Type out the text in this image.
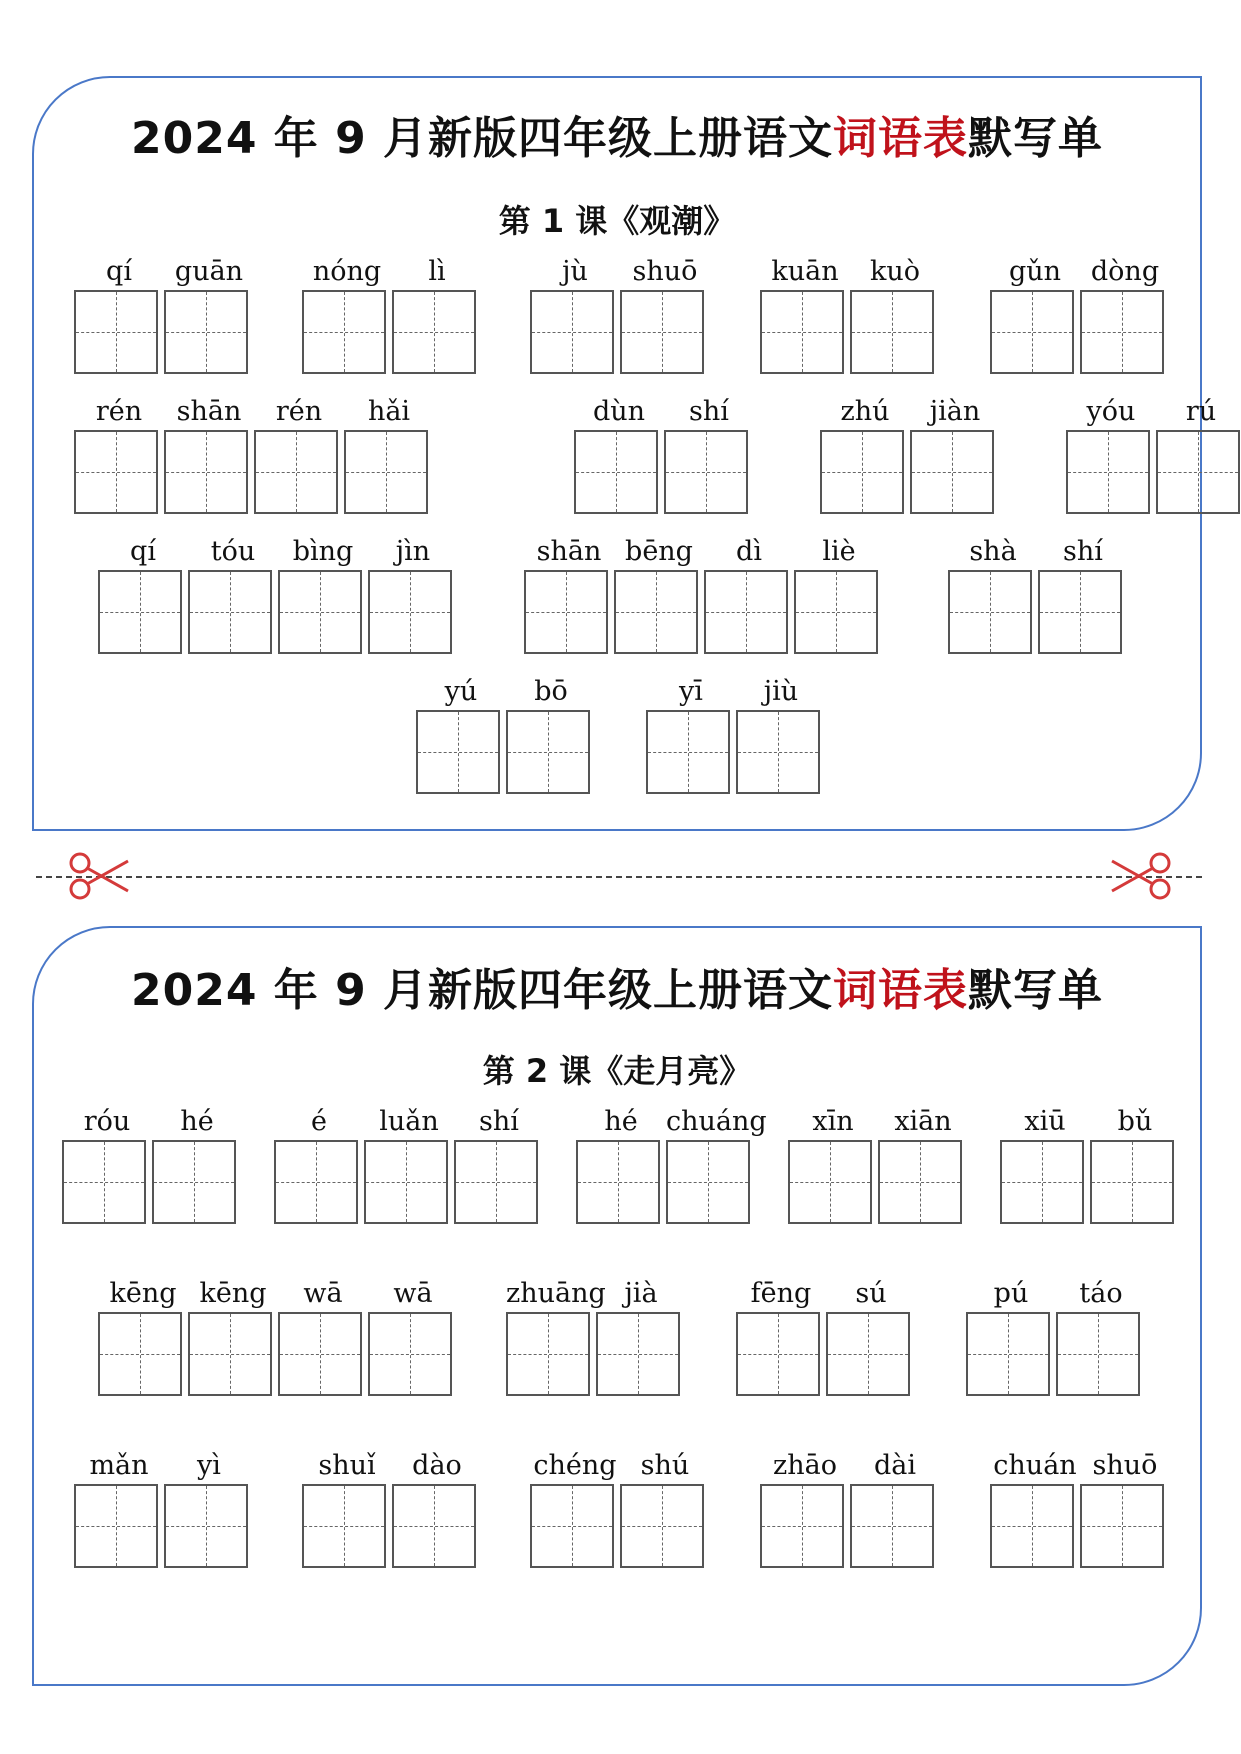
2024 年 9 月新版四年级上册语文词语表默写单
第 1 课《观潮》
qí	guān	nóng	lì	jù	shuō	kuān	kuò	gǔn	dòng
rén	shān	rén	hǎi	dùn	shí	zhú	jiàn	yóu	rú
qí	tóu	bìng	jìn	shān bēng	dì	liè	shà	shí
yú	bō	yī	jiù
2024 年 9 月新版四年级上册语文词语表默写单
第 2 课《走月亮》
róu	hé	é	luǎn	shí	hé	chuáng	xīn	xiān	xiū	bǔ
kēng kēng	wā	wā	zhuāng jià	fēng	sú	pú	táo
mǎn	yì	shuǐ	dào	chéng shú	zhāo	dài	chuán shuō
